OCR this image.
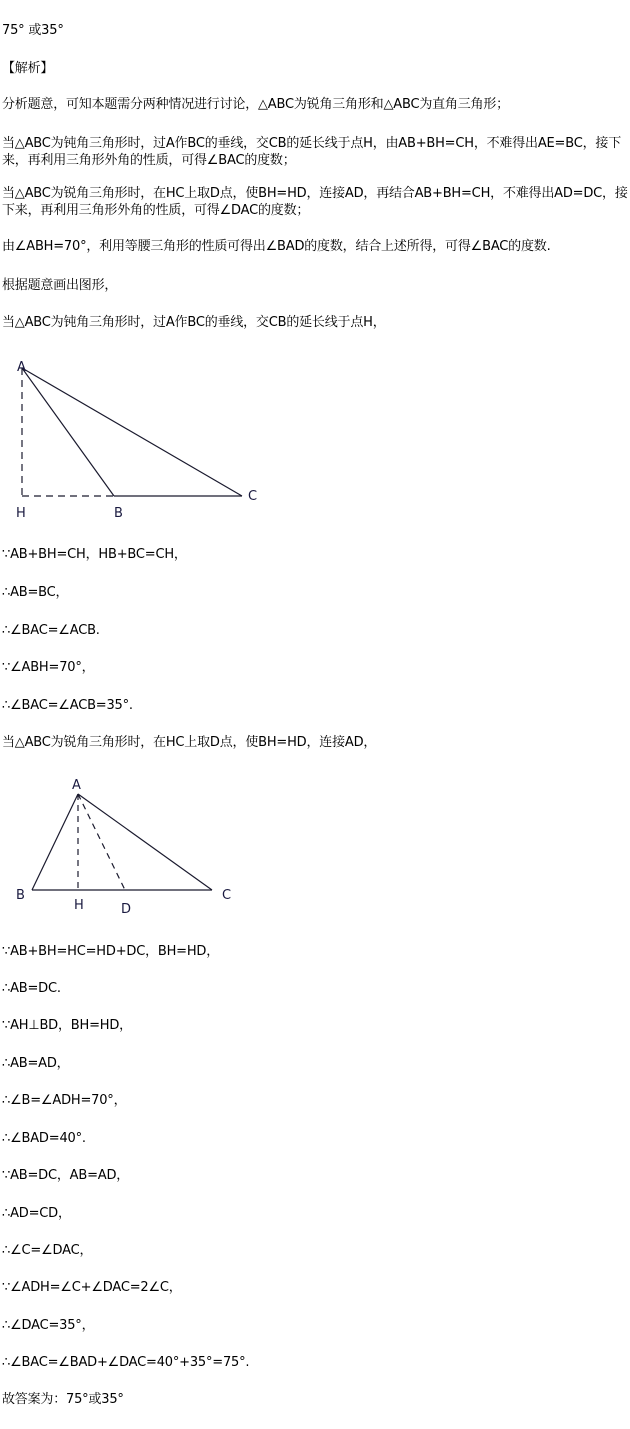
75° 或35°
【解析】
分析题意，可知本题需分两种情况进行讨论，△ABC为锐角三角形和△ABC为直角三角形；
当△ABC为钝角三角形时，过A作BC的垂线，交CB的延长线于点H，由AB+BH=CH，不难得出AE=BC，接下来，再利用三角形外角的性质，可得∠BAC的度数；
当△ABC为锐角三角形时，在HC上取D点，使BH=HD，连接AD，再结合AB+BH=CH，不难得出AD=DC，接下来，再利用三角形外角的性质，可得∠DAC的度数；
由∠ABH=70°，利用等腰三角形的性质可得出∠BAD的度数，结合上述所得，可得∠BAC的度数.
根据题意画出图形，
当△ABC为钝角三角形时，过A作BC的垂线，交CB的延长线于点H，
A
H	B
C
∵AB+BH=CH，HB+BC=CH，
∴AB=BC，
∴∠BAC=∠ACB.
∵∠ABH=70°，
∴∠BAC=∠ACB=35°.
当△ABC为锐角三角形时，在HC上取D点，使BH=HD，连接AD，
A
B
H	D
C
∵AB+BH=HC=HD+DC，BH=HD，
∴AB=DC.
∵AH⊥BD，BH=HD，
∴AB=AD，
∴∠B=∠ADH=70°，
∴∠BAD=40°.
∵AB=DC，AB=AD，
∴AD=CD，
∴∠C=∠DAC，
∵∠ADH=∠C+∠DAC=2∠C，
∴∠DAC=35°，
∴∠BAC=∠BAD+∠DAC=40°+35°=75°.
故答案为：75°或35°
